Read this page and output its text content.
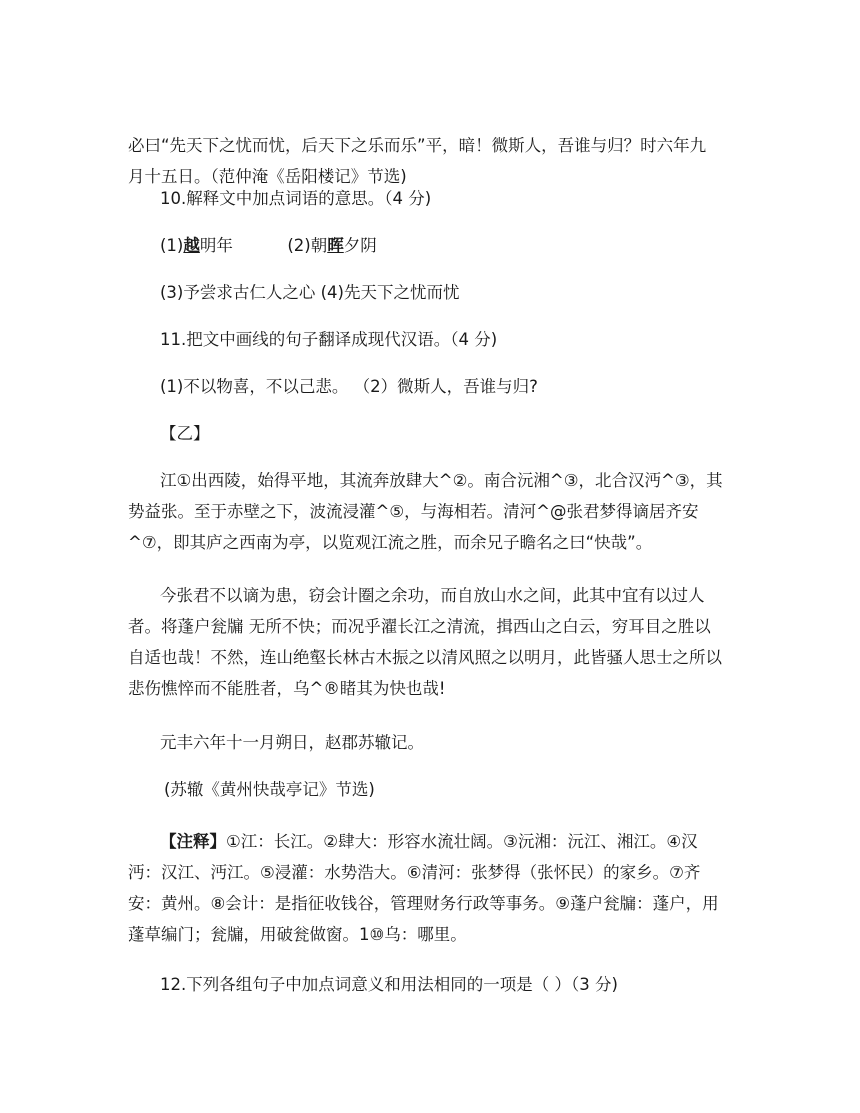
必曰“先天下之忧而忧，后天下之乐而乐”平，暗！微斯人，吾谁与归？时六年九
月十五日。（范仲淹《岳阳楼记》节选)
10.解释文中加点词语的意思。（4 分)
(1)越明年	(2)朝晖夕阴
(3)予尝求古仁人之心 (4)先天下之忧而忧
11.把文中画线的句子翻译成现代汉语。（4 分)
(1)不以物喜，不以己悲。 （2）微斯人，吾谁与归?
【乙】
江①出西陵，始得平地，其流奔放肆大^②。南合沅湘^③，北合汉沔^③，其
势益张。至于赤壁之下，波流浸灌^⑤，与海相若。清河^@张君梦得谪居齐安
^⑦，即其庐之西南为亭，以览观江流之胜，而余兄子瞻名之曰“快哉”。
今张君不以谪为患，窃会计圈之余功，而自放山水之间，此其中宜有以过人
者。将蓬户瓮牖 无所不快；而况乎濯长江之清流，揖西山之白云，穷耳目之胜以
自适也哉！不然，连山绝壑长林古木振之以清风照之以明月，此皆骚人思士之所以
悲伤憔悴而不能胜者，乌^®睹其为快也哉!
元丰六年十一月朔日，赵郡苏辙记。
(苏辙《黄州快哉亭记》节选)
【注释】①江：长江。②肆大：形容水流壮阔。③沅湘：沅江、湘江。④汉
沔：汉江、沔江。⑤浸灌：水势浩大。⑥清河：张梦得（张怀民）的家乡。⑦齐
安：黄州。⑧会计：是指征收钱谷，管理财务行政等事务。⑨蓬户瓮牖：蓬户，用
蓬草编门；瓮牖，用破瓮做窗。1⑩乌：哪里。
12.下列各组句子中加点词意义和用法相同的一项是（ ）（3 分)
